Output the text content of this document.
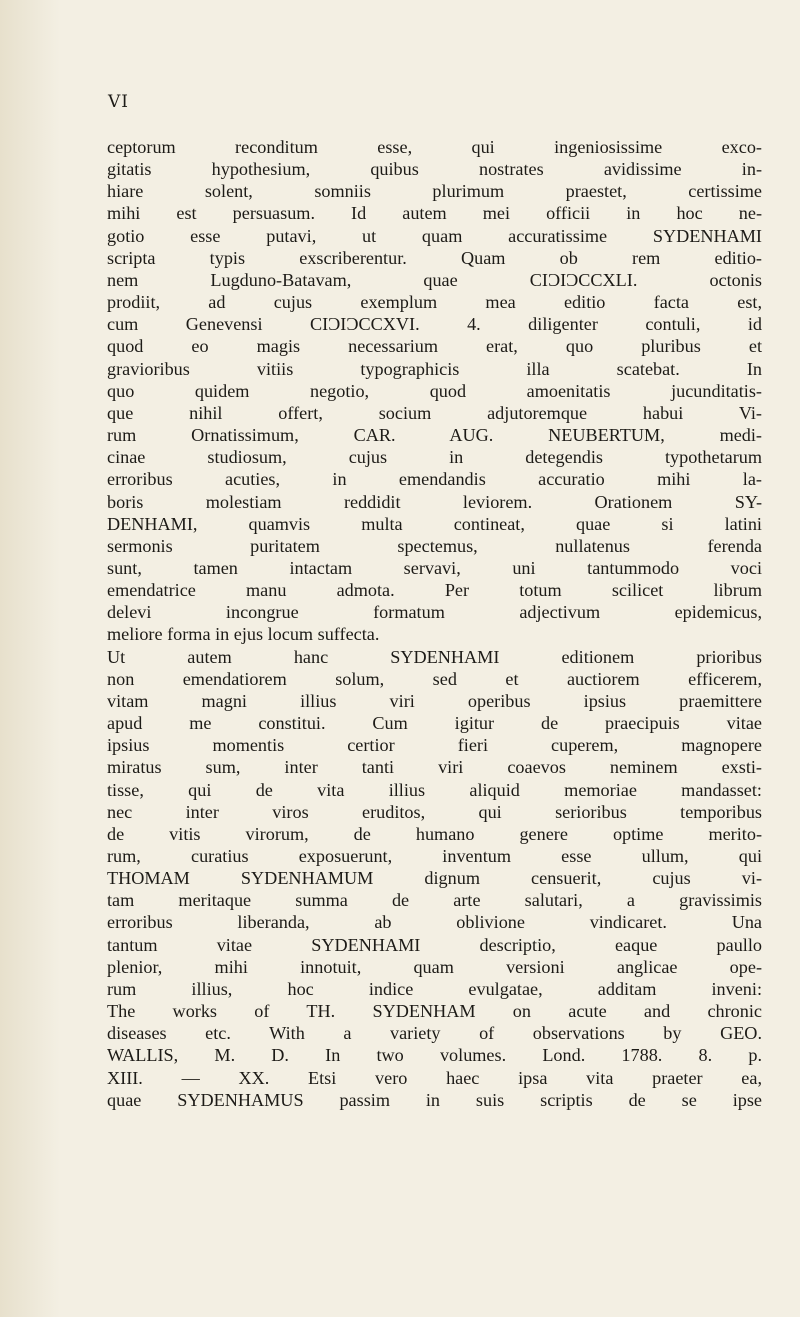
VI
ceptorum reconditum esse, qui ingeniosissime exco-
gitatis hypothesium, quibus nostrates avidissime in-
hiare solent, somniis plurimum praestet, certissime
mihi est persuasum. Id autem mei officii in hoc ne-
gotio esse putavi, ut quam accuratissime SYDENHAMI
scripta typis exscriberentur. Quam ob rem editio-
nem Lugduno-Batavam, quae CIƆIƆCCXLI. octonis
prodiit, ad cujus exemplum mea editio facta est,
cum Genevensi CIƆIƆCCXVI. 4. diligenter contuli, id
quod eo magis necessarium erat, quo pluribus et
gravioribus vitiis typographicis illa scatebat. In
quo quidem negotio, quod amoenitatis jucunditatis-
que nihil offert, socium adjutoremque habui Vi-
rum Ornatissimum, CAR. AUG. NEUBERTUM, medi-
cinae studiosum, cujus in detegendis typothetarum
erroribus acuties, in emendandis accuratio mihi la-
boris molestiam reddidit leviorem. Orationem SY-
DENHAMI, quamvis multa contineat, quae si latini
sermonis puritatem spectemus, nullatenus ferenda
sunt, tamen intactam servavi, uni tantummodo voci
emendatrice manu admota. Per totum scilicet librum
delevi incongrue formatum adjectivum epidemicus,
meliore forma in ejus locum suffecta.
Ut autem hanc SYDENHAMI editionem prioribus
non emendatiorem solum, sed et auctiorem efficerem,
vitam magni illius viri operibus ipsius praemittere
apud me constitui. Cum igitur de praecipuis vitae
ipsius momentis certior fieri cuperem, magnopere
miratus sum, inter tanti viri coaevos neminem exsti-
tisse, qui de vita illius aliquid memoriae mandasset:
nec inter viros eruditos, qui serioribus temporibus
de vitis virorum, de humano genere optime merito-
rum, curatius exposuerunt, inventum esse ullum, qui
THOMAM SYDENHAMUM dignum censuerit, cujus vi-
tam meritaque summa de arte salutari, a gravissimis
erroribus liberanda, ab oblivione vindicaret. Una
tantum vitae SYDENHAMI descriptio, eaque paullo
plenior, mihi innotuit, quam versioni anglicae ope-
rum illius, hoc indice evulgatae, additam inveni:
The works of TH. SYDENHAM on acute and chronic
diseases etc. With a variety of observations by GEO.
WALLIS, M. D. In two volumes. Lond. 1788. 8. p.
XIII. — XX. Etsi vero haec ipsa vita praeter ea,
quae SYDENHAMUS passim in suis scriptis de se ipse
